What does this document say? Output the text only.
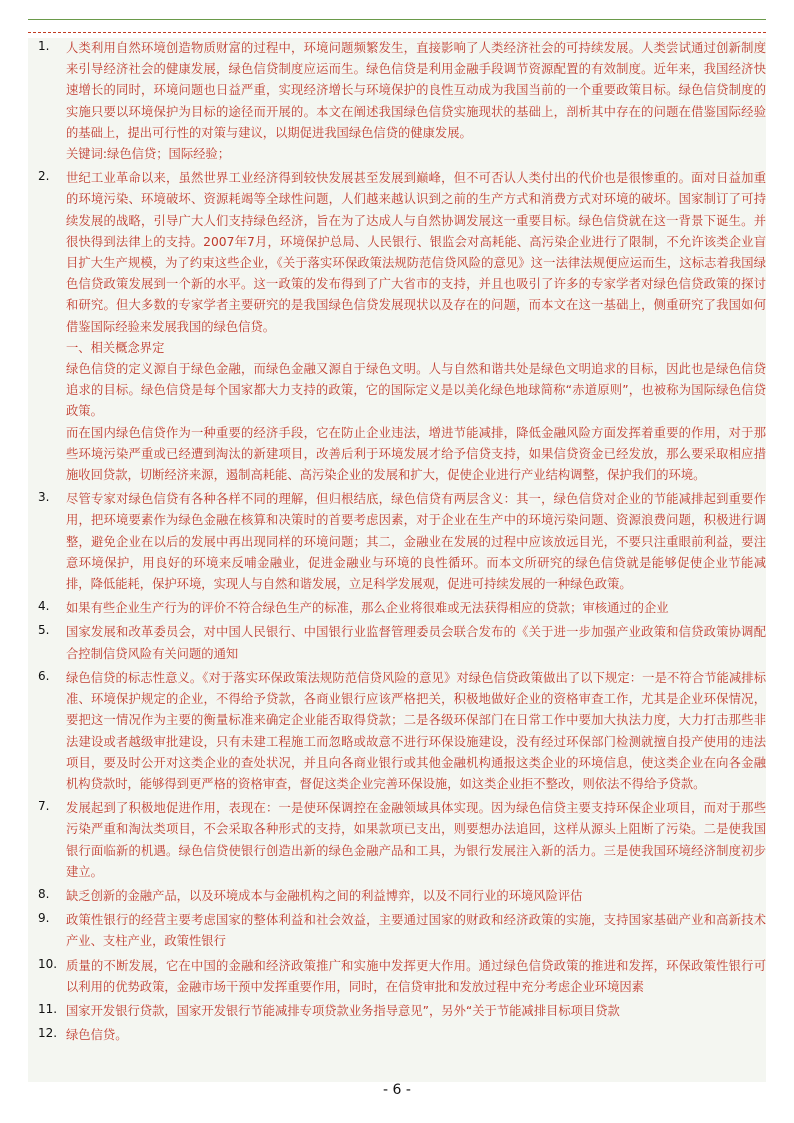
1. 人类利用自然环境创造物质财富的过程中，环境问题频繁发生，直接影响了人类经济社会的可持续发展。人类尝试通过创新制度来引导经济社会的健康发展，绿色信贷制度应运而生。绿色信贷是利用金融手段调节资源配置的有效制度。近年来，我国经济快速增长的同时，环境问题也日益严重，实现经济增长与环境保护的良性互动成为我国当前的一个重要政策目标。绿色信贷制度的实施只要以环境保护为目标的途径而开展的。本文在阐述我国绿色信贷实施现状的基础上，剖析其中存在的问题在借鉴国际经验的基础上，提出可行性的对策与建议，以期促进我国绿色信贷的健康发展。

关键词:绿色信贷；国际经验；

2. 世纪工业革命以来，虽然世界工业经济得到较快发展甚至发展到巅峰，但不可否认人类付出的代价也是很惨重的。面对日益加重的环境污染、环境破坏、资源耗竭等全球性问题，人们越来越认识到之前的生产方式和消费方式对环境的破坏。国家制订了可持续发展的战略，引导广大人们支持绿色经济，旨在为了达成人与自然协调发展这一重要目标。绿色信贷就在这一背景下诞生。并很快得到法律上的支持。2007年7月，环境保护总局、人民银行、银监会对高耗能、高污染企业进行了限制，不允许该类企业盲目扩大生产规模，为了约束这些企业，《关于落实环保政策法规防范信贷风险的意见》这一法律法规便应运而生，这标志着我国绿色信贷政策发展到一个新的水平。这一政策的发布得到了广大省市的支持，并且也吸引了许多的专家学者对绿色信贷政策的探讨和研究。但大多数的专家学者主要研究的是我国绿色信贷发展现状以及存在的问题，而本文在这一基础上，侧重研究了我国如何借鉴国际经验来发展我国的绿色信贷。

一、相关概念界定

绿色信贷的定义源自于绿色金融，而绿色金融又源自于绿色文明。人与自然和谐共处是绿色文明追求的目标，因此也是绿色信贷追求的目标。绿色信贷是每个国家都大力支持的政策，它的国际定义是以美化绿色地球简称“赤道原则”，也被称为国际绿色信贷政策。

而在国内绿色信贷作为一种重要的经济手段，它在防止企业违法，增进节能减排，降低金融风险方面发挥着重要的作用，对于那些环境污染严重或已经遭到淘汰的新建项目，改善后利于环境发展才给予信贷支持，如果信贷资金已经发放，那么要采取相应措施收回贷款，切断经济来源，遏制高耗能、高污染企业的发展和扩大，促使企业进行产业结构调整，保护我们的环境。

3. 尽管专家对绿色信贷有各种各样不同的理解，但归根结底，绿色信贷有两层含义：其一，绿色信贷对企业的节能减排起到重要作用，把环境要素作为绿色金融在核算和决策时的首要考虑因素，对于企业在生产中的环境污染问题、资源浪费问题，积极进行调整，避免企业在以后的发展中再出现同样的环境问题；其二，金融业在发展的过程中应该放远目光，不要只注重眼前利益，要注意环境保护，用良好的环境来反哺金融业，促进金融业与环境的良性循环。而本文所研究的绿色信贷就是能够促使企业节能减排，降低能耗，保护环境，实现人与自然和谐发展，立足科学发展观，促进可持续发展的一种绿色政策。

4. 如果有些企业生产行为的评价不符合绿色生产的标准，那么企业将很难或无法获得相应的贷款；审核通过的企业

5. 国家发展和改革委员会，对中国人民银行、中国银行业监督管理委员会联合发布的《关于进一步加强产业政策和信贷政策协调配合控制信贷风险有关问题的通知

6. 绿色信贷的标志性意义。《对于落实环保政策法规防范信贷风险的意见》对绿色信贷政策做出了以下规定：一是不符合节能减排标准、环境保护规定的企业，不得给予贷款，各商业银行应该严格把关，积极地做好企业的资格审查工作，尤其是企业环保情况，要把这一情况作为主要的衡量标准来确定企业能否取得贷款；二是各级环保部门在日常工作中要加大执法力度，大力打击那些非法建设或者越级审批建设，只有未建工程施工而忽略或故意不进行环保设施建设，没有经过环保部门检测就擅自投产使用的违法项目，要及时公开对这类企业的查处状况，并且向各商业银行或其他金融机构通报这类企业的环境信息，使这类企业在向各金融机构贷款时，能够得到更严格的资格审查，督促这类企业完善环保设施，如这类企业拒不整改，则依法不得给予贷款。

7. 发展起到了积极地促进作用，表现在：一是使环保调控在金融领域具体实现。因为绿色信贷主要支持环保企业项目，而对于那些污染严重和淘汰类项目，不会采取各种形式的支持，如果款项已支出，则要想办法追回，这样从源头上阻断了污染。二是使我国银行面临新的机遇。绿色信贷使银行创造出新的绿色金融产品和工具，为银行发展注入新的活力。三是使我国环境经济制度初步建立。

8. 缺乏创新的金融产品，以及环境成本与金融机构之间的利益博弈，以及不同行业的环境风险评估

9. 政策性银行的经营主要考虑国家的整体利益和社会效益，主要通过国家的财政和经济政策的实施，支持国家基础产业和高新技术产业、支柱产业，政策性银行

10. 质量的不断发展，它在中国的金融和经济政策推广和实施中发挥更大作用。通过绿色信贷政策的推进和发挥，环保政策性银行可以利用的优势政策，金融市场干预中发挥重要作用，同时，在信贷审批和发放过程中充分考虑企业环境因素

11. 国家开发银行贷款，国家开发银行节能减排专项贷款业务指导意见”，另外“关于节能减排目标项目贷款

12. 绿色信贷。

- 6 -
